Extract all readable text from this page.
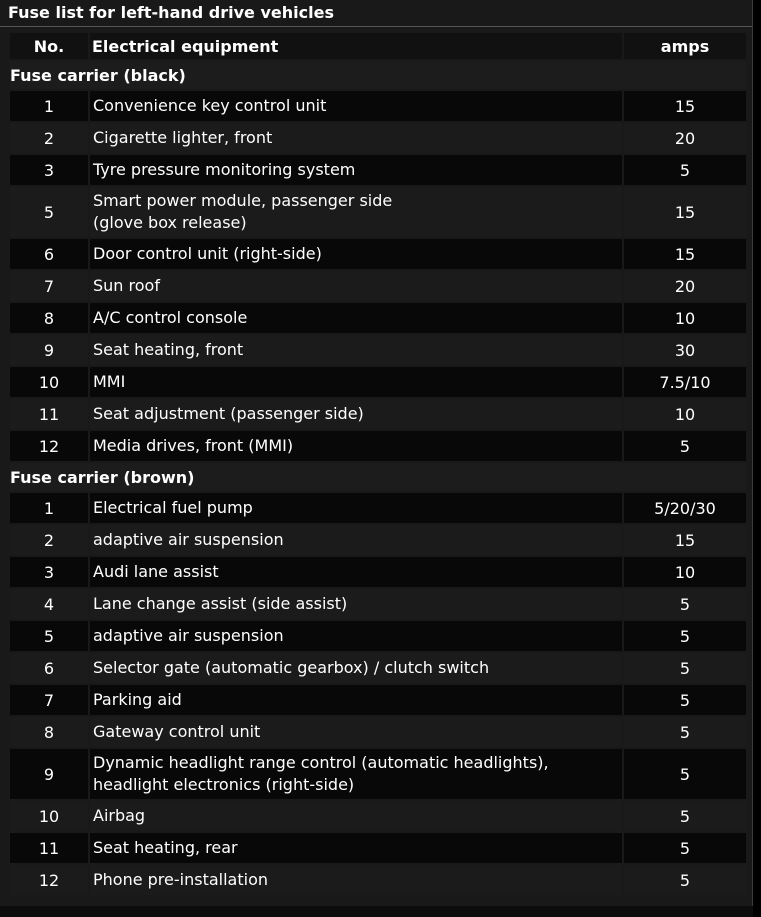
Fuse list for left-hand drive vehicles
No.	Electrical equipment	amps
Fuse carrier (black)		
1	Convenience key control unit	15
2	Cigarette lighter, front	20
3	Tyre pressure monitoring system	5
5	Smart power module, passenger side
(glove box release)	15
6	Door control unit (right-side)	15
7	Sun roof	20
8	A/C control console	10
9	Seat heating, front	30
10	MMI	7.5/10
11	Seat adjustment (passenger side)	10
12	Media drives, front (MMI)	5
Fuse carrier (brown)		
1	Electrical fuel pump	5/20/30
2	adaptive air suspension	15
3	Audi lane assist	10
4	Lane change assist (side assist)	5
5	adaptive air suspension	5
6	Selector gate (automatic gearbox) / clutch switch	5
7	Parking aid	5
8	Gateway control unit	5
9	Dynamic headlight range control (automatic headlights),
headlight electronics (right-side)	5
10	Airbag	5
11	Seat heating, rear	5
12	Phone pre-installation	5
